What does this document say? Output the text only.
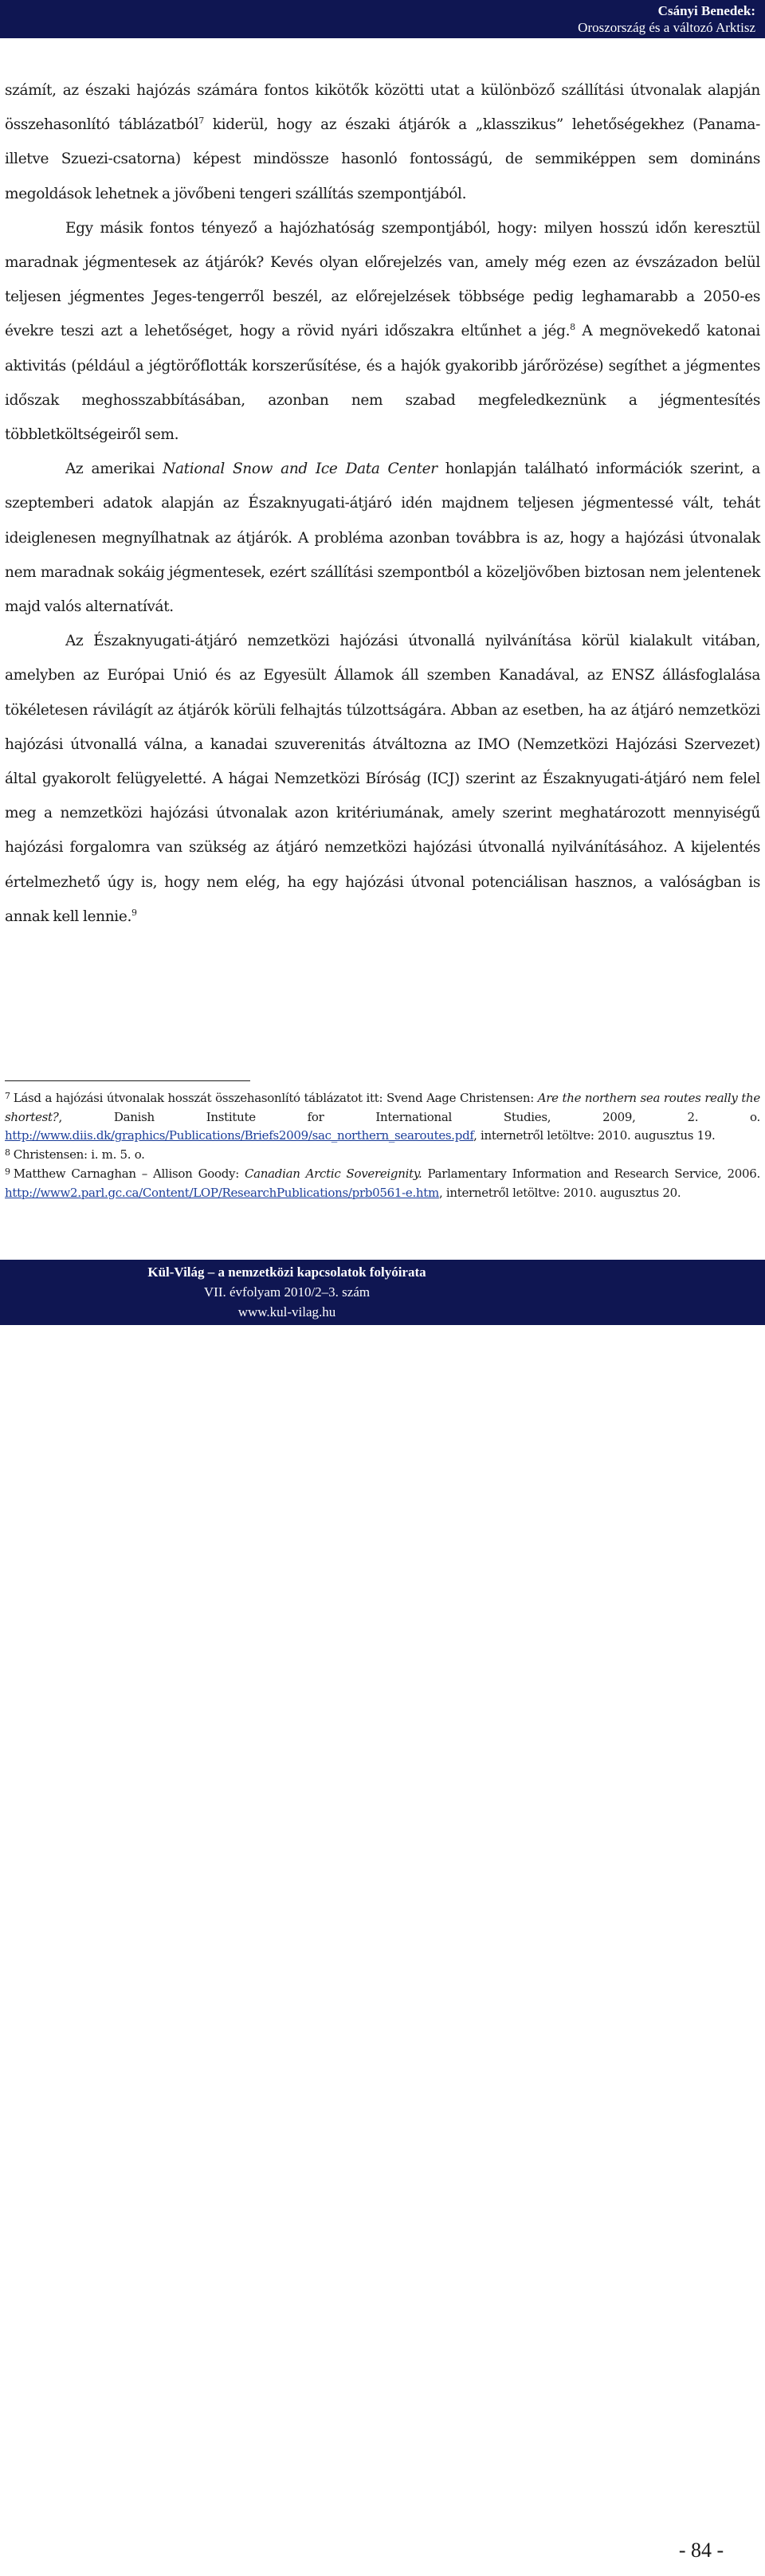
Csányi Benedek:
Oroszország és a változó Arktisz

számít, az északi hajózás számára fontos kikötők közötti utat a különböző szállítási útvonalak alapján összehasonlító táblázatból$^7$ kiderül, hogy az északi átjárók a „klasszikus” lehetőségekhez (Panama- illetve Szuezi-csatorna) képest mindössze hasonló fontosságú, de semmiképpen sem domináns megoldások lehetnek a jövőbeni tengeri szállítás szempontjából.

Egy másik fontos tényező a hajózhatóság szempontjából, hogy: milyen hosszú időn keresztül maradnak jégmentesek az átjárók? Kevés olyan előrejelzés van, amely még ezen az évszázadon belül teljesen jégmentes Jeges-tengerről beszél, az előrejelzések többsége pedig leghamarabb a 2050-es évekre teszi azt a lehetőséget, hogy a rövid nyári időszakra eltűnhet a jég.$^8$ A megnövekedő katonai aktivitás (például a jégtörőflották korszerűsítése, és a hajók gyakoribb járőrözése) segíthet a jégmentes időszak meghosszabbításában, azonban nem szabad megfeledkeznünk a jégmentesítés többletköltségeiről sem.

Az amerikai National Snow and Ice Data Center honlapján található információk szerint, a szeptemberi adatok alapján az Északnyugati-átjáró idén majdnem teljesen jégmentessé vált, tehát ideiglenesen megnyílhatnak az átjárók. A probléma azonban továbbra is az, hogy a hajózási útvonalak nem maradnak sokáig jégmentesek, ezért szállítási szempontból a közeljövőben biztosan nem jelentenek majd valós alternatívát.

Az Északnyugati-átjáró nemzetközi hajózási útvonallá nyilvánítása körül kialakult vitában, amelyben az Európai Unió és az Egyesült Államok áll szemben Kanadával, az ENSZ állásfoglalása tökéletesen rávilágít az átjárók körüli felhajtás túlzottságára. Abban az esetben, ha az átjáró nemzetközi hajózási útvonallá válna, a kanadai szuverenitás átváltozna az IMO (Nemzetközi Hajózási Szervezet) által gyakorolt felügyeletté. A hágai Nemzetközi Bíróság (ICJ) szerint az Északnyugati-átjáró nem felel meg a nemzetközi hajózási útvonalak azon kritériumának, amely szerint meghatározott mennyiségű hajózási forgalomra van szükség az átjáró nemzetközi hajózási útvonallá nyilvánításához. A kijelentés értelmezhető úgy is, hogy nem elég, ha egy hajózási útvonal potenciálisan hasznos, a valóságban is annak kell lennie.$^9$

$^7$ Lásd a hajózási útvonalak hosszát összehasonlító táblázatot itt: Svend Aage Christensen: Are the northern sea routes really the shortest?, Danish Institute for International Studies, 2009, 2. o. http://www.diis.dk/graphics/Publications/Briefs2009/sac_northern_searoutes.pdf, internetről letöltve: 2010. augusztus 19.

$^8$ Christensen: i. m. 5. o.

$^9$ Matthew Carnaghan – Allison Goody: Canadian Arctic Sovereignity. Parlamentary Information and Research Service, 2006. http://www2.parl.gc.ca/Content/LOP/ResearchPublications/prb0561-e.htm, internetről letöltve: 2010. augusztus 20.

Kül-Világ – a nemzetközi kapcsolatok folyóirata
VII. évfolyam 2010/2–3. szám
www.kul-vilag.hu
- 84 -
